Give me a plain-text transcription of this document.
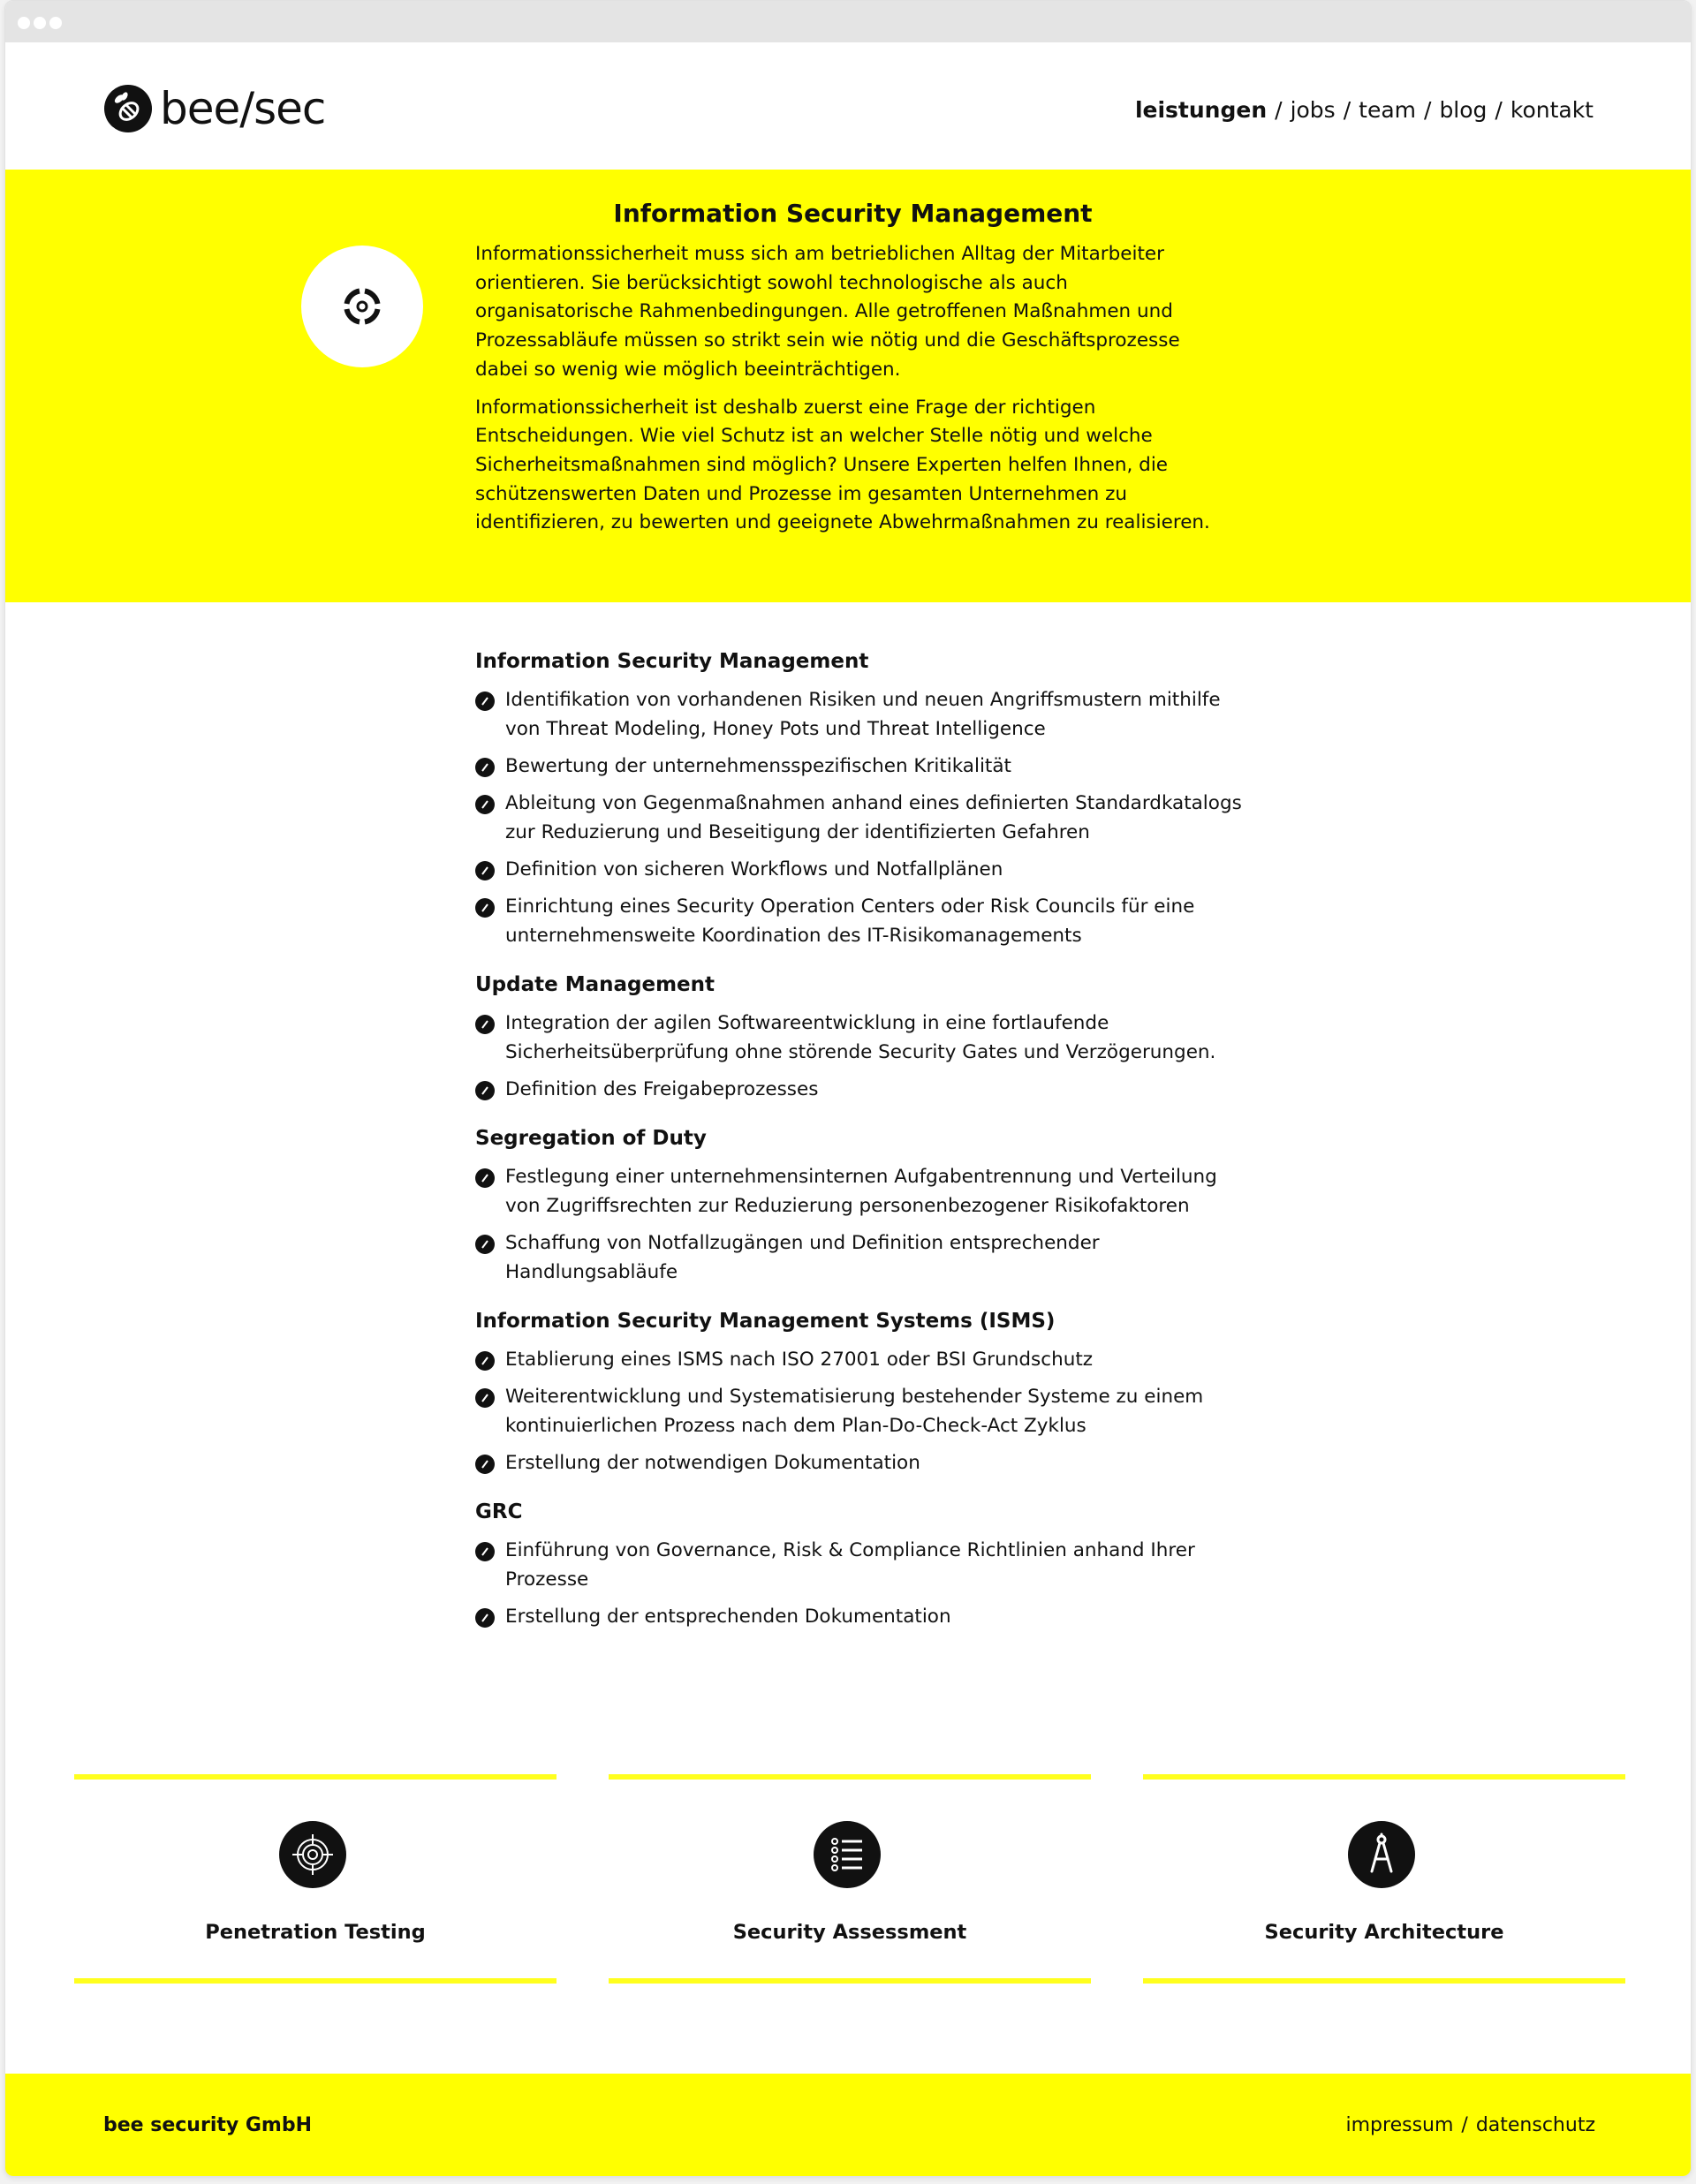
bee/sec	leistungen / jobs / team / blog / kontakt
Information Security Management

Informationssicherheit muss sich am betrieblichen Alltag der Mitarbeiter orientieren. Sie berücksichtigt sowohl technologische als auch organisatorische Rahmenbedingungen. Alle getroffenen Maßnahmen und Prozessabläufe müssen so strikt sein wie nötig und die Geschäftsprozesse dabei so wenig wie möglich beeinträchtigen.

Informationssicherheit ist deshalb zuerst eine Frage der richtigen Entscheidungen. Wie viel Schutz ist an welcher Stelle nötig und welche Sicherheitsmaßnahmen sind möglich? Unsere Experten helfen Ihnen, die schützenswerten Daten und Prozesse im gesamten Unternehmen zu identifizieren, zu bewerten und geeignete Abwehrmaßnahmen zu realisieren.

Information Security Management
Identifikation von vorhandenen Risiken und neuen Angriffsmustern mithilfe von Threat Modeling, Honey Pots und Threat Intelligence
Bewertung der unternehmensspezifischen Kritikalität
Ableitung von Gegenmaßnahmen anhand eines definierten Standardkatalogs zur Reduzierung und Beseitigung der identifizierten Gefahren
Definition von sicheren Workflows und Notfallplänen
Einrichtung eines Security Operation Centers oder Risk Councils für eine unternehmensweite Koordination des IT-Risikomanagements
Update Management
Integration der agilen Softwareentwicklung in eine fortlaufende Sicherheitsüberprüfung ohne störende Security Gates und Verzögerungen.
Definition des Freigabeprozesses
Segregation of Duty
Festlegung einer unternehmensinternen Aufgabentrennung und Verteilung von Zugriffsrechten zur Reduzierung personenbezogener Risikofaktoren
Schaffung von Notfallzugängen und Definition entsprechender Handlungsabläufe
Information Security Management Systems (ISMS)
Etablierung eines ISMS nach ISO 27001 oder BSI Grundschutz
Weiterentwicklung und Systematisierung bestehender Systeme zu einem kontinuierlichen Prozess nach dem Plan-Do-Check-Act Zyklus
Erstellung der notwendigen Dokumentation
GRC
Einführung von Governance, Risk & Compliance Richtlinien anhand Ihrer Prozesse
Erstellung der entsprechenden Dokumentation
Penetration Testing	Security Assessment	Security Architecture
bee security GmbH	impressum / datenschutz
